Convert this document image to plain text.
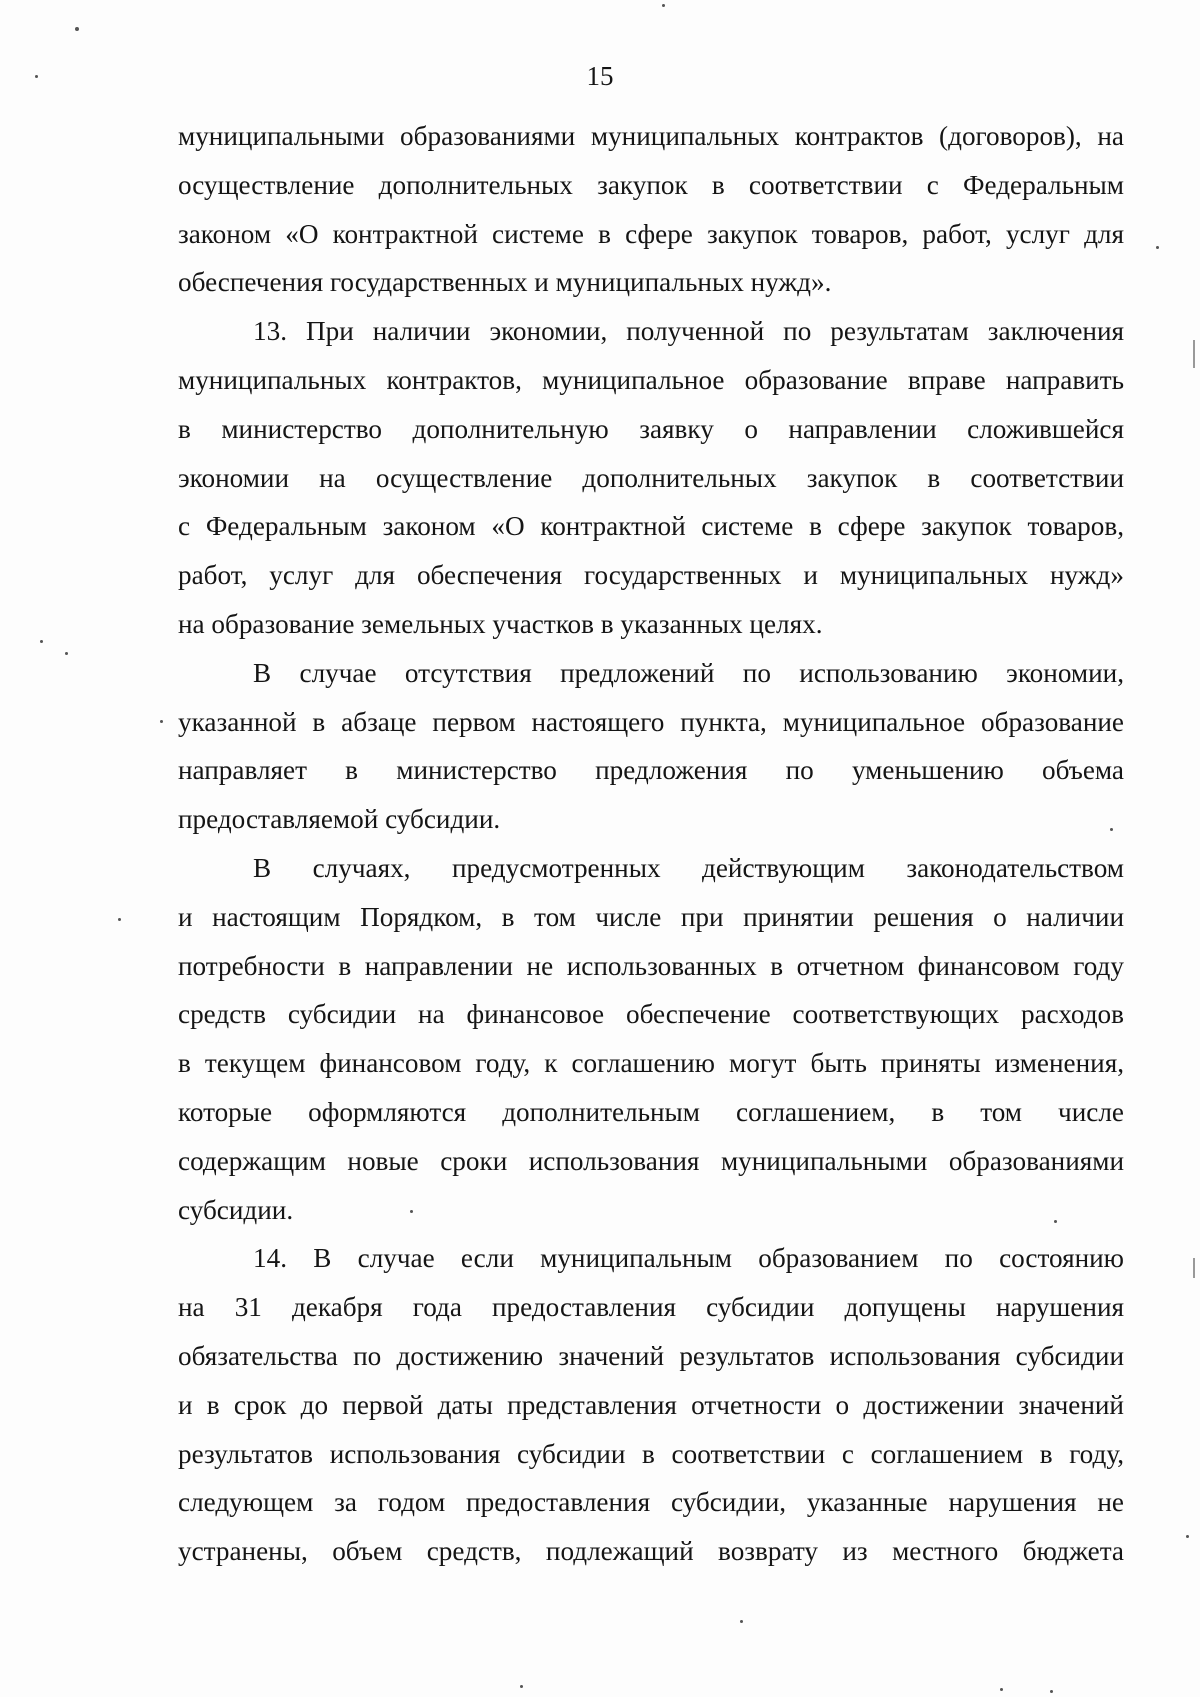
15
муниципальными образованиями муниципальных контрактов (договоров), на
осуществление дополнительных закупок в соответствии с Федеральным
законом «О контрактной системе в сфере закупок товаров, работ, услуг для
обеспечения государственных и муниципальных нужд».
13. При наличии экономии, полученной по результатам заключения
муниципальных контрактов, муниципальное образование вправе направить
в министерство дополнительную заявку о направлении сложившейся
экономии на осуществление дополнительных закупок в соответствии
с Федеральным законом «О контрактной системе в сфере закупок товаров,
работ, услуг для обеспечения государственных и муниципальных нужд»
на образование земельных участков в указанных целях.
В случае отсутствия предложений по использованию экономии,
указанной в абзаце первом настоящего пункта, муниципальное образование
направляет в министерство предложения по уменьшению объема
предоставляемой субсидии.
В случаях, предусмотренных действующим законодательством
и настоящим Порядком, в том числе при принятии решения о наличии
потребности в направлении не использованных в отчетном финансовом году
средств субсидии на финансовое обеспечение соответствующих расходов
в текущем финансовом году, к соглашению могут быть приняты изменения,
которые оформляются дополнительным соглашением, в том числе
содержащим новые сроки использования муниципальными образованиями
субсидии.
14. В случае если муниципальным образованием по состоянию
на 31 декабря года предоставления субсидии допущены нарушения
обязательства по достижению значений результатов использования субсидии
и в срок до первой даты представления отчетности о достижении значений
результатов использования субсидии в соответствии с соглашением в году,
следующем за годом предоставления субсидии, указанные нарушения не
устранены, объем средств, подлежащий возврату из местного бюджета
